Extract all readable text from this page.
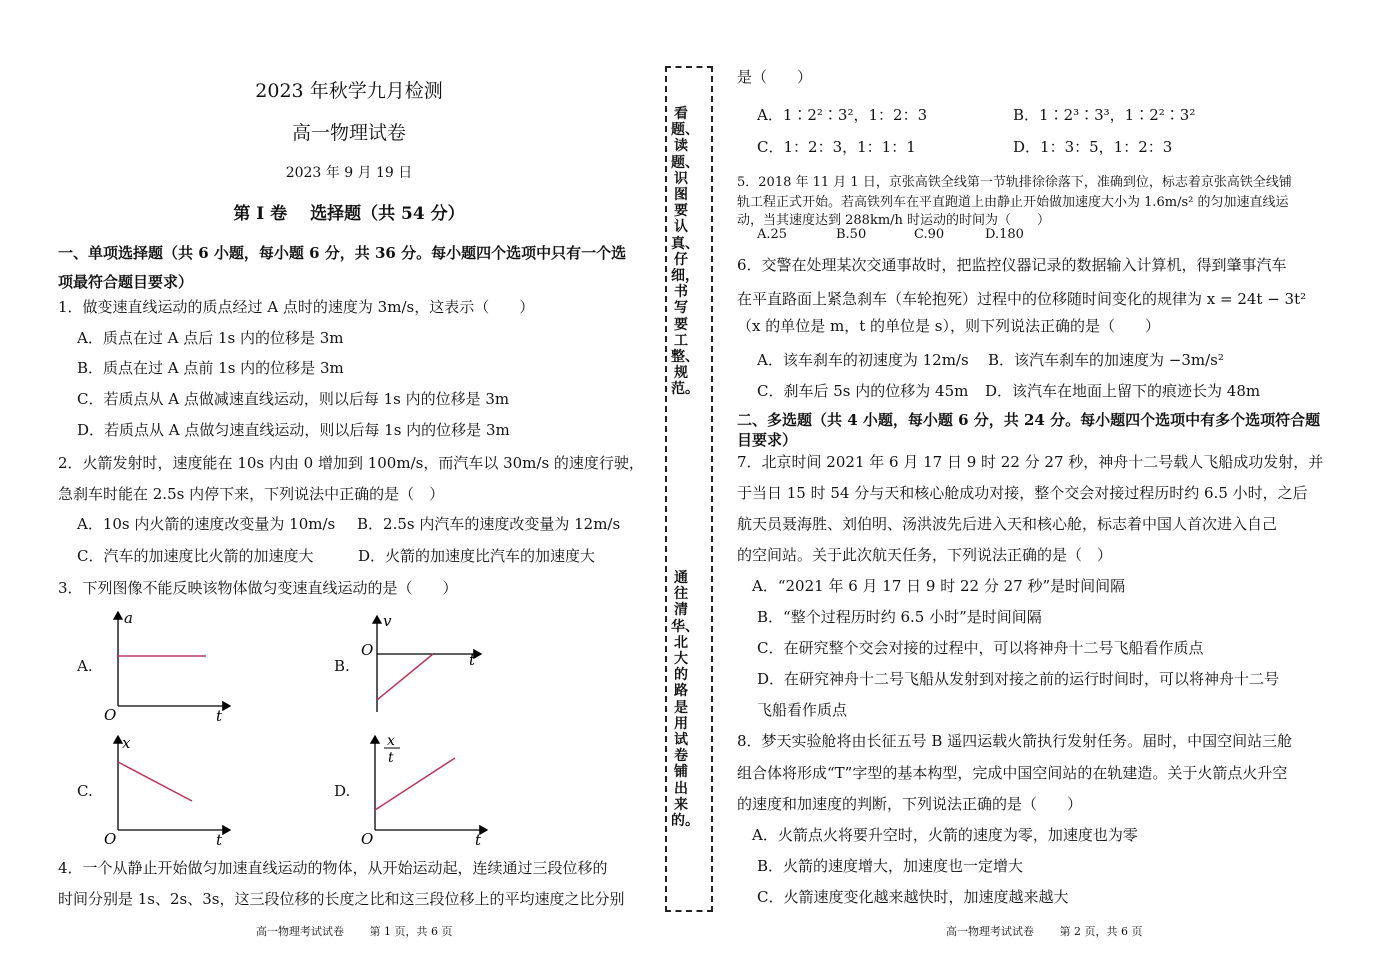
2023 年秋学九月检测
高一物理试卷
2023 年 9 月 19 日
第 I 卷　 选择题（共 54 分）
一、单项选择题（共 6 小题，每小题 6 分，共 36 分。每小题四个选项中只有一个选
项最符合题目要求）
1．做变速直线运动的质点经过 A 点时的速度为 3m/s，这表示（　　）
A．质点在过 A 点后 1s 内的位移是 3m
B．质点在过 A 点前 1s 内的位移是 3m
C．若质点从 A 点做减速直线运动，则以后每 1s 内的位移是 3m
D．若质点从 A 点做匀速直线运动，则以后每 1s 内的位移是 3m
2．火箭发射时，速度能在 10s 内由 0 增加到 100m/s，而汽车以 30m/s 的速度行驶，
急刹车时能在 2.5s 内停下来，下列说法中正确的是（　）
A．10s 内火箭的速度改变量为 10m/s B．2.5s 内汽车的速度改变量为 12m/s
C．汽车的加速度比火箭的加速度大	D．火箭的加速度比汽车的加速度大
3．下列图像不能反映该物体做匀变速直线运动的是（　　）
A.	B.
C.	D.
a
t
O
v
t
O
x
t
O
x
t
t
O
4．一个从静止开始做匀加速直线运动的物体，从开始运动起，连续通过三段位移的
时间分别是 1s、2s、3s，这三段位移的长度之比和这三段位移上的平均速度之比分别
高一物理考试试卷　　 第 1 页，共 6 页
看题、读题、识图要认真、仔细，书写要工整、规范。
通往清华、北大的路是用试卷铺出来的。
是（　　）
A．1∶2²∶3²，1：2：3	B．1∶2³∶3³，1∶2²∶3²
C．1：2：3，1：1：1	D．1：3：5，1：2：3
5．2018 年 11 月 1 日，京张高铁全线第一节轨排徐徐落下，准确到位，标志着京张高铁全线铺
轨工程正式开始。若高铁列车在平直跑道上由静止开始做加速度大小为 1.6m/s² 的匀加速直线运
动，当其速度达到 288km/h 时运动的时间为（　　）
A.25	B.50	C.90	D.180
6．交警在处理某次交通事故时，把监控仪器记录的数据输入计算机，得到肇事汽车
在平直路面上紧急刹车（车轮抱死）过程中的位移随时间变化的规律为 x = 24t − 3t²
（x 的单位是 m，t 的单位是 s），则下列说法正确的是（　　）
A．该车刹车的初速度为 12m/s B．该汽车刹车的加速度为 −3m/s²
C．刹车后 5s 内的位移为 45m D．该汽车在地面上留下的痕迹长为 48m
二、多选题（共 4 小题，每小题 6 分，共 24 分。每小题四个选项中有多个选项符合题
目要求）
7．北京时间 2021 年 6 月 17 日 9 时 22 分 27 秒，神舟十二号载人飞船成功发射，并
于当日 15 时 54 分与天和核心舱成功对接，整个交会对接过程历时约 6.5 小时，之后
航天员聂海胜、刘伯明、汤洪波先后进入天和核心舱，标志着中国人首次进入自己
的空间站。关于此次航天任务，下列说法正确的是（　）
A．“2021 年 6 月 17 日 9 时 22 分 27 秒”是时间间隔
B．“整个过程历时约 6.5 小时”是时间间隔
C．在研究整个交会对接的过程中，可以将神舟十二号飞船看作质点
D．在研究神舟十二号飞船从发射到对接之前的运行时间时，可以将神舟十二号
飞船看作质点
8．梦天实验舱将由长征五号 B 遥四运载火箭执行发射任务。届时，中国空间站三舱
组合体将形成“T”字型的基本构型，完成中国空间站的在轨建造。关于火箭点火升空
的速度和加速度的判断，下列说法正确的是（　　）
A．火箭点火将要升空时，火箭的速度为零，加速度也为零
B．火箭的速度增大，加速度也一定增大
C．火箭速度变化越来越快时，加速度越来越大
高一物理考试试卷　　 第 2 页，共 6 页
